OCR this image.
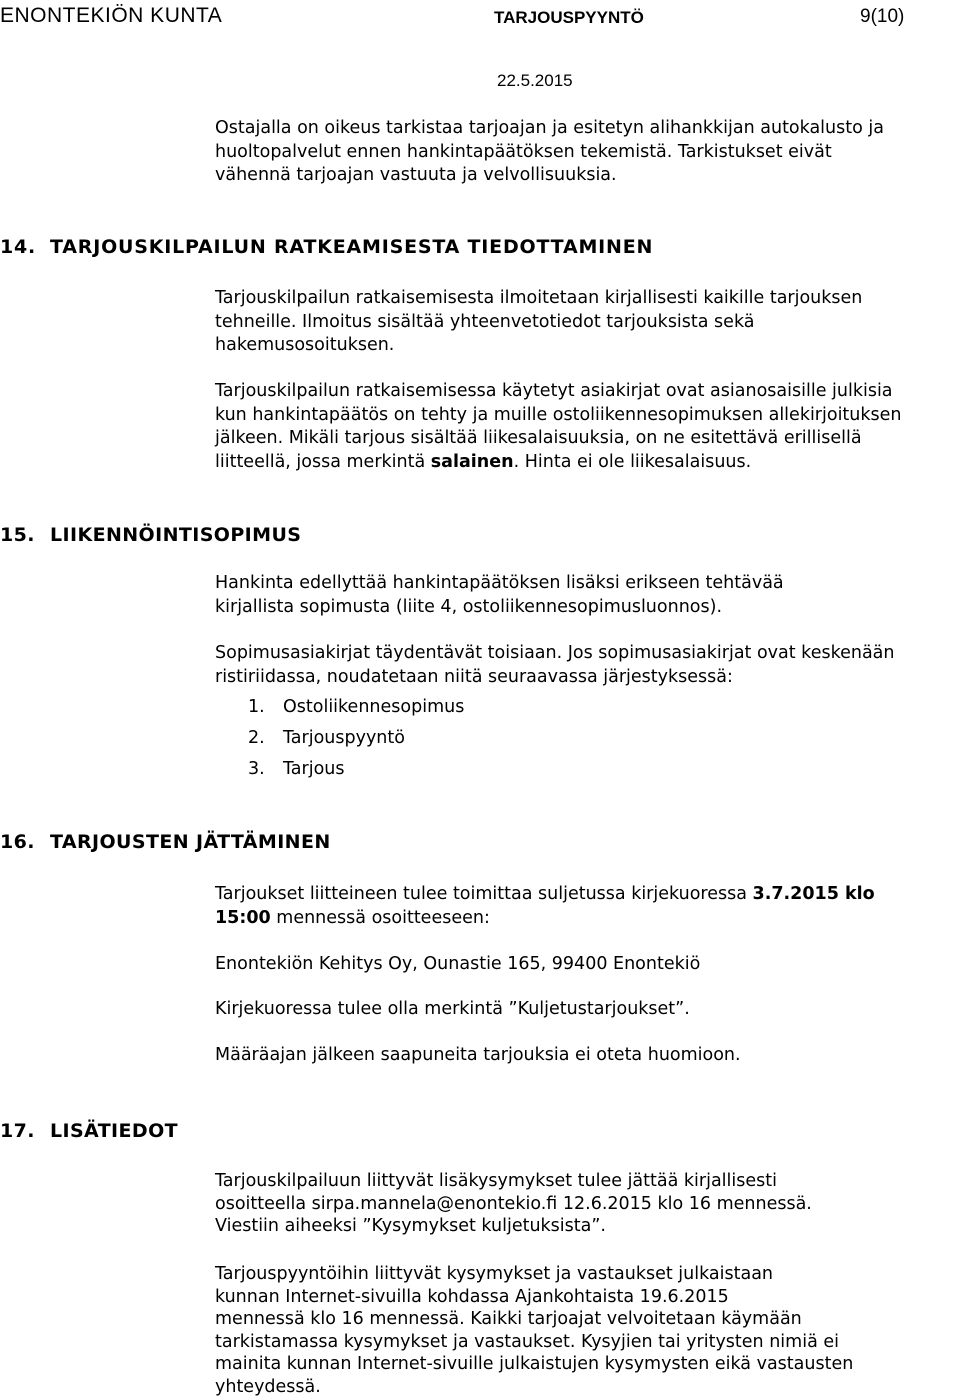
ENONTEKIÖN KUNTA	TARJOUSPYYNTÖ	9(10)
22.5.2015
Ostajalla on oikeus tarkistaa tarjoajan ja esitetyn alihankkijan autokalusto ja
huoltopalvelut ennen hankintapäätöksen tekemistä. Tarkistukset eivät
vähennä tarjoajan vastuuta ja velvollisuuksia.
14. TARJOUSKILPAILUN RATKEAMISESTA TIEDOTTAMINEN
Tarjouskilpailun ratkaisemisesta ilmoitetaan kirjallisesti kaikille tarjouksen
tehneille. Ilmoitus sisältää yhteenvetotiedot tarjouksista sekä
hakemusosoituksen.
Tarjouskilpailun ratkaisemisessa käytetyt asiakirjat ovat asianosaisille julkisia
kun hankintapäätös on tehty ja muille ostoliikennesopimuksen allekirjoituksen
jälkeen. Mikäli tarjous sisältää liikesalaisuuksia, on ne esitettävä erillisellä
liitteellä, jossa merkintä salainen. Hinta ei ole liikesalaisuus.
15. LIIKENNÖINTISOPIMUS
Hankinta edellyttää hankintapäätöksen lisäksi erikseen tehtävää
kirjallista sopimusta (liite 4, ostoliikennesopimusluonnos).
Sopimusasiakirjat täydentävät toisiaan. Jos sopimusasiakirjat ovat keskenään
ristiriidassa, noudatetaan niitä seuraavassa järjestyksessä:
1. Ostoliikennesopimus
2. Tarjouspyyntö
3. Tarjous
16. TARJOUSTEN JÄTTÄMINEN
Tarjoukset liitteineen tulee toimittaa suljetussa kirjekuoressa 3.7.2015 klo
15:00 mennessä osoitteeseen:
Enontekiön Kehitys Oy, Ounastie 165, 99400 Enontekiö
Kirjekuoressa tulee olla merkintä ”Kuljetustarjoukset”.
Määräajan jälkeen saapuneita tarjouksia ei oteta huomioon.
17. LISÄTIEDOT
Tarjouskilpailuun liittyvät lisäkysymykset tulee jättää kirjallisesti
osoitteella sirpa.mannela@enontekio.fi 12.6.2015 klo 16 mennessä.
Viestiin aiheeksi ”Kysymykset kuljetuksista”.
Tarjouspyyntöihin liittyvät kysymykset ja vastaukset julkaistaan
kunnan Internet-sivuilla kohdassa Ajankohtaista 19.6.2015
mennessä klo 16 mennessä. Kaikki tarjoajat velvoitetaan käymään
tarkistamassa kysymykset ja vastaukset. Kysyjien tai yritysten nimiä ei
mainita kunnan Internet-sivuille julkaistujen kysymysten eikä vastausten
yhteydessä.
